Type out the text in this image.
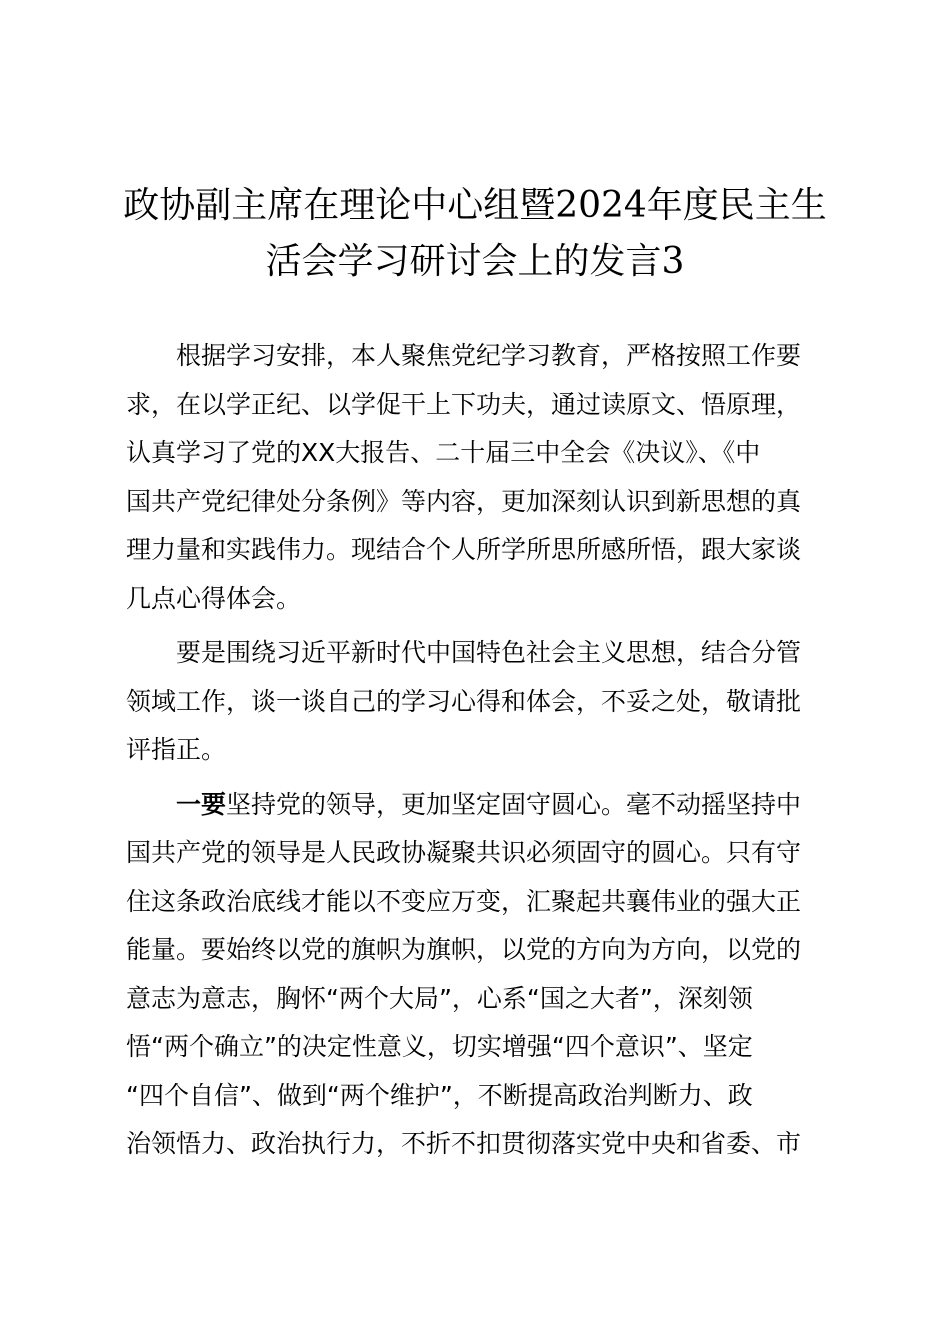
政协副主席在理论中心组暨2024年度民主生
活会学习研讨会上的发言3
根据学习安排，本人聚焦党纪学习教育，严格按照工作要
求，在以学正纪、以学促干上下功夫，通过读原文、悟原理，
认真学习了党的XX大报告、二十届三中全会《决议》、《中
国共产党纪律处分条例》等内容，更加深刻认识到新思想的真
理力量和实践伟力。现结合个人所学所思所感所悟，跟大家谈
几点心得体会。
要是围绕习近平新时代中国特色社会主义思想，结合分管
领域工作，谈一谈自己的学习心得和体会，不妥之处，敬请批
评指正。
一要坚持党的领导，更加坚定固守圆心。毫不动摇坚持中
国共产党的领导是人民政协凝聚共识必须固守的圆心。只有守
住这条政治底线才能以不变应万变，汇聚起共襄伟业的强大正
能量。要始终以党的旗帜为旗帜，以党的方向为方向，以党的
意志为意志，胸怀“两个大局”，心系“国之大者”，深刻领
悟“两个确立”的决定性意义，切实增强“四个意识”、坚定
“四个自信”、做到“两个维护”，不断提高政治判断力、政
治领悟力、政治执行力，不折不扣贯彻落实党中央和省委、市
